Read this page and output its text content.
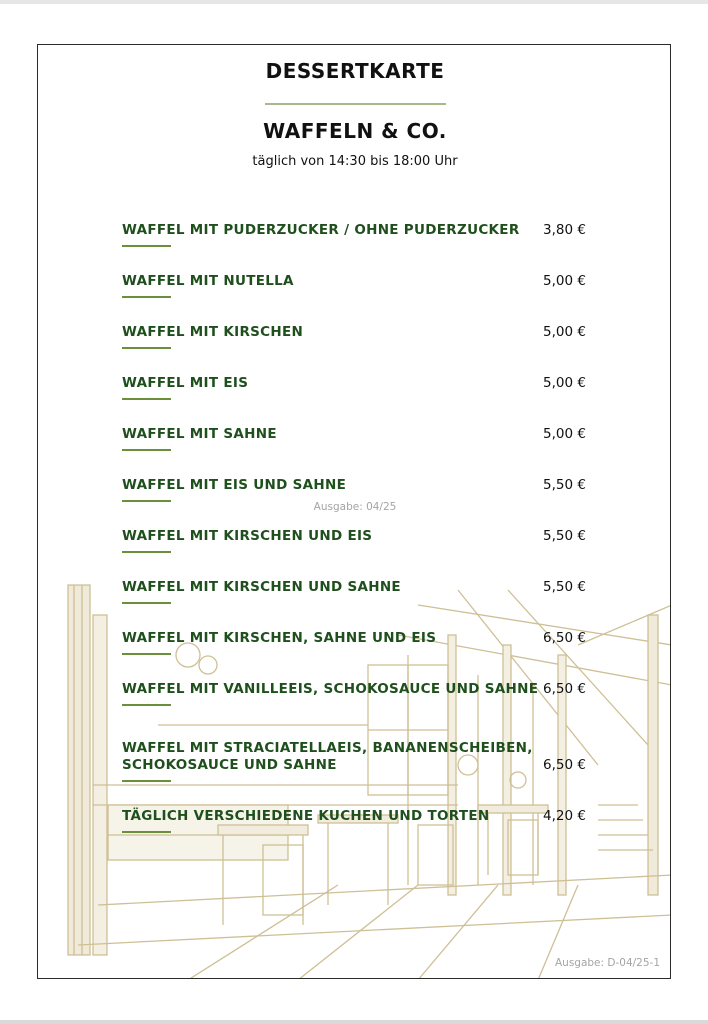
DESSERTKARTE
WAFFELN & CO.
täglich von 14:30 bis 18:00 Uhr
WAFFEL MIT PUDERZUCKER / OHNE PUDERZUCKER 3,80 €
WAFFEL MIT NUTELLA	5,00 €
WAFFEL MIT KIRSCHEN	5,00 €
WAFFEL MIT EIS	5,00 €
WAFFEL MIT SAHNE	5,00 €
WAFFEL MIT EIS UND SAHNE	5,50 €
Ausgabe: 04/25
WAFFEL MIT KIRSCHEN UND EIS	5,50 €
WAFFEL MIT KIRSCHEN UND SAHNE	5,50 €
WAFFEL MIT KIRSCHEN, SAHNE UND EIS	6,50 €
WAFFEL MIT VANILLEEIS, SCHOKOSAUCE UND SAHNE 6,50 €
WAFFEL MIT STRACIATELLAEIS, BANANENSCHEIBEN,
SCHOKOSAUCE UND SAHNE	6,50 €
TÄGLICH VERSCHIEDENE KUCHEN UND TORTEN	4,20 €
Ausgabe: D-04/25-1
